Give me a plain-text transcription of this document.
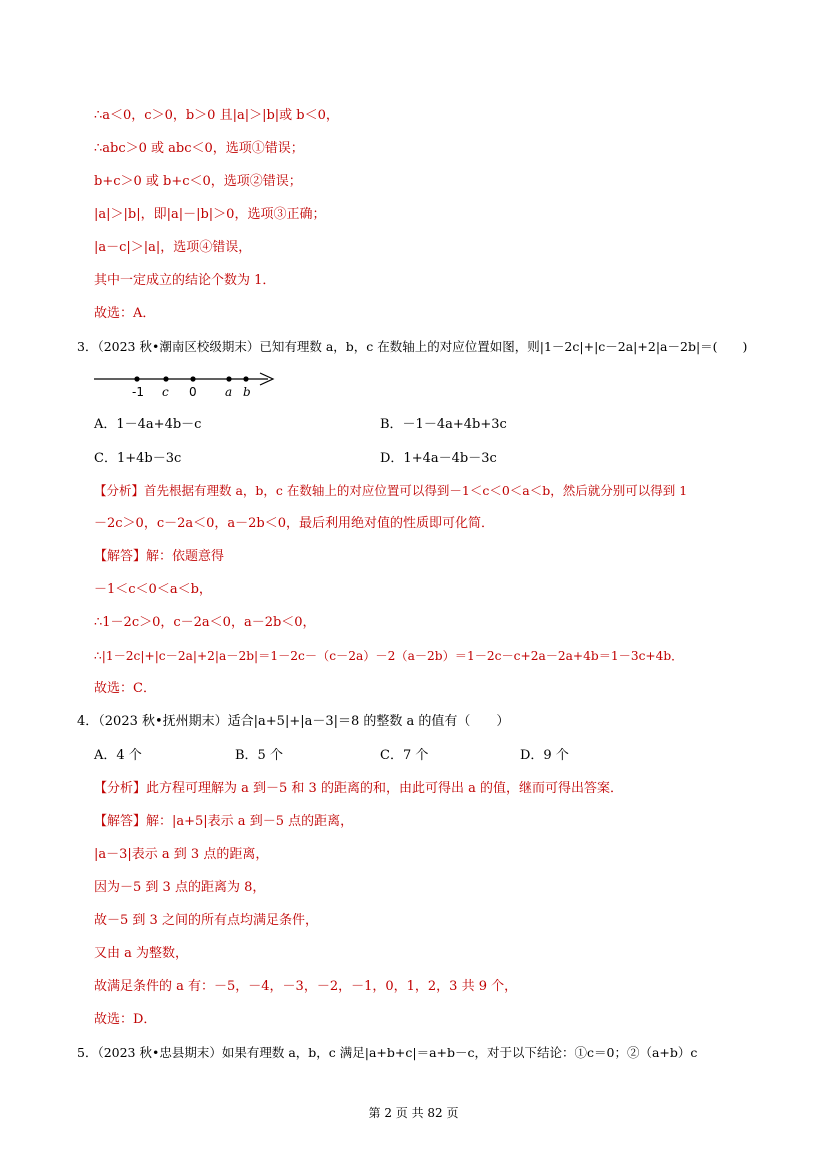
∴a＜0，c＞0，b＞0 且|a|＞|b|或 b＜0，
∴abc＞0 或 abc＜0，选项①错误；
b+c＞0 或 b+c＜0，选项②错误；
|a|＞|b|，即|a|－|b|＞0，选项③正确；
|a－c|＞|a|，选项④错误，
其中一定成立的结论个数为 1．
故选：A．
3．（2023 秋•潮南区校级期末）已知有理数 a，b，c 在数轴上的对应位置如图，则|1－2c|+|c－2a|+2|a－2b|＝(　　)
-1 c 0 a b
A．1－4a+4b－c	B．－1－4a+4b+3c
C．1+4b－3c	D．1+4a－4b－3c
【分析】首先根据有理数 a，b，c 在数轴上的对应位置可以得到－1＜c＜0＜a＜b，然后就分别可以得到 1
－2c＞0，c－2a＜0，a－2b＜0，最后利用绝对值的性质即可化简．
【解答】解：依题意得
－1＜c＜0＜a＜b，
∴1－2c＞0，c－2a＜0，a－2b＜0，
∴|1－2c|+|c－2a|+2|a－2b|＝1－2c－（c－2a）－2（a－2b）＝1－2c－c+2a－2a+4b＝1－3c+4b．
故选：C．
4．（2023 秋•抚州期末）适合|a+5|+|a－3|＝8 的整数 a 的值有（　　）
A．4 个	B．5 个	C．7 个	D．9 个
【分析】此方程可理解为 a 到－5 和 3 的距离的和，由此可得出 a 的值，继而可得出答案．
【解答】解：|a+5|表示 a 到－5 点的距离，
|a－3|表示 a 到 3 点的距离，
因为－5 到 3 点的距离为 8，
故－5 到 3 之间的所有点均满足条件，
又由 a 为整数，
故满足条件的 a 有：－5，－4，－3，－2，－1，0，1，2，3 共 9 个，
故选：D．
5．（2023 秋•忠县期末）如果有理数 a，b，c 满足|a+b+c|＝a+b－c，对于以下结论：①c＝0；②（a+b）c
第 2 页 共 82 页
